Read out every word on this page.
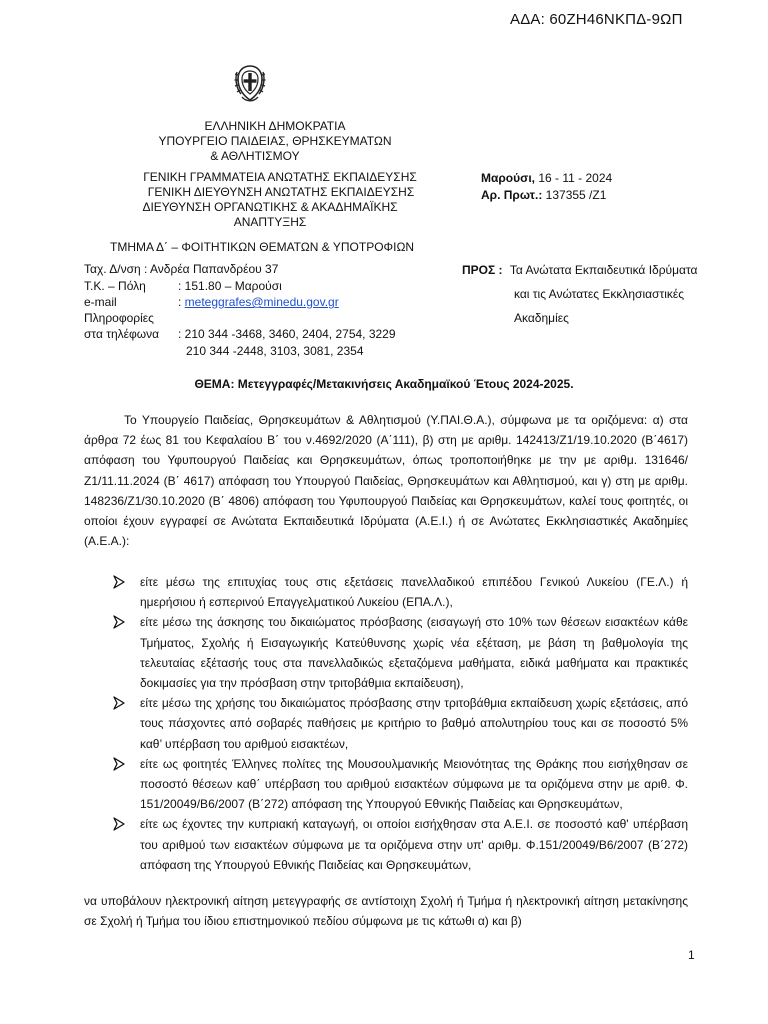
ΑΔΑ: 60ΖΗ46ΝΚΠΔ-9ΩΠ
ΕΛΛΗΝΙΚΗ ΔΗΜΟΚΡΑΤΙΑ
ΥΠΟΥΡΓΕΙΟ ΠΑΙΔΕΙΑΣ, ΘΡΗΣΚΕΥΜΑΤΩΝ
& ΑΘΛΗΤΙΣΜΟΥ
ΓΕΝΙΚΗ ΓΡΑΜΜΑΤΕΙΑ ΑΝΩΤΑΤΗΣ ΕΚΠΑΙΔΕΥΣΗΣ
ΓΕΝΙΚΗ ΔΙΕΥΘΥΝΣΗ ΑΝΩΤΑΤΗΣ ΕΚΠΑΙΔΕΥΣΗΣ
ΔΙΕΥΘΥΝΣΗ ΟΡΓΑΝΩΤΙΚΗΣ & ΑΚΑΔΗΜΑΪΚΗΣ
ΑΝΑΠΤΥΞΗΣ
ΤΜΗΜΑ Δ΄ – ΦΟΙΤΗΤΙΚΩΝ ΘΕΜΑΤΩΝ & ΥΠΟΤΡΟΦΙΩΝ
Μαρούσι, 16 - 11 - 2024
Αρ. Πρωτ.: 137355 /Ζ1
Ταχ. Δ/νση : Ανδρέα Παπανδρέου 37
Τ.Κ. – Πόλη	: 151.80 – Μαρούσι
e-mail	: meteggrafes@minedu.gov.gr
Πληροφορίες
στα τηλέφωνα : 210 344 -3468, 3460, 2404, 2754, 3229
210 344 -2448, 3103, 3081, 2354
ΠΡΟΣ : Τα Ανώτατα Εκπαιδευτικά Ιδρύματα
και τις Ανώτατες Εκκλησιαστικές
Ακαδημίες
ΘΕΜΑ: Μετεγγραφές/Μετακινήσεις Ακαδημαϊκού Έτους 2024-2025.
Το Υπουργείο Παιδείας, Θρησκευμάτων & Αθλητισμού (Υ.ΠΑΙ.Θ.Α.), σύμφωνα με τα οριζόμενα: α) στα άρθρα 72 έως 81 του Κεφαλαίου Β΄ του ν.4692/2020 (Α΄111), β) στη με αριθμ. 142413/Ζ1/19.10.2020 (Β΄4617) απόφαση του Υφυπουργού Παιδείας και Θρησκευμάτων, όπως τροποποιήθηκε με την με αριθμ. 131646/Ζ1/11.11.2024 (Β΄ 4617) απόφαση του Υπουργού Παιδείας, Θρησκευμάτων και Αθλητισμού, και γ) στη με αριθμ. 148236/Ζ1/30.10.2020 (Β΄ 4806) απόφαση του Υφυπουργού Παιδείας και Θρησκευμάτων, καλεί τους φοιτητές, οι οποίοι έχουν εγγραφεί σε Ανώτατα Εκπαιδευτικά Ιδρύματα (Α.Ε.Ι.) ή σε Ανώτατες Εκκλησιαστικές Ακαδημίες (Α.Ε.Α.):
είτε μέσω της επιτυχίας τους στις εξετάσεις πανελλαδικού επιπέδου Γενικού Λυκείου (ΓΕ.Λ.) ή ημερήσιου ή εσπερινού Επαγγελματικού Λυκείου (ΕΠΑ.Λ.),
είτε μέσω της άσκησης του δικαιώματος πρόσβασης (εισαγωγή στο 10% των θέσεων εισακτέων κάθε Τμήματος, Σχολής ή Εισαγωγικής Κατεύθυνσης χωρίς νέα εξέταση, με βάση τη βαθμολογία της τελευταίας εξέτασής τους στα πανελλαδικώς εξεταζόμενα μαθήματα, ειδικά μαθήματα και πρακτικές δοκιμασίες για την πρόσβαση στην τριτοβάθμια εκπαίδευση),
είτε μέσω της χρήσης του δικαιώματος πρόσβασης στην τριτοβάθμια εκπαίδευση χωρίς εξετάσεις, από τους πάσχοντες από σοβαρές παθήσεις με κριτήριο το βαθμό απολυτηρίου τους και σε ποσοστό 5% καθ’ υπέρβαση του αριθμού εισακτέων,
είτε ως φοιτητές Έλληνες πολίτες της Μουσουλμανικής Μειονότητας της Θράκης που εισήχθησαν σε ποσοστό θέσεων καθ΄ υπέρβαση του αριθμού εισακτέων σύμφωνα με τα οριζόμενα στην με αριθ. Φ. 151/20049/Β6/2007 (Β΄272) απόφαση της Υπουργού Εθνικής Παιδείας και Θρησκευμάτων,
είτε ως έχοντες την κυπριακή καταγωγή, οι οποίοι εισήχθησαν στα Α.Ε.Ι. σε ποσοστό καθ' υπέρβαση του αριθμού των εισακτέων σύμφωνα με τα οριζόμενα στην υπ' αριθμ. Φ.151/20049/Β6/2007 (Β΄272) απόφαση της Υπουργού Εθνικής Παιδείας και Θρησκευμάτων,
να υποβάλουν ηλεκτρονική αίτηση μετεγγραφής σε αντίστοιχη Σχολή ή Τμήμα ή ηλεκτρονική αίτηση μετακίνησης σε Σχολή ή Τμήμα του ίδιου επιστημονικού πεδίου σύμφωνα με τις κάτωθι α) και β)
1
